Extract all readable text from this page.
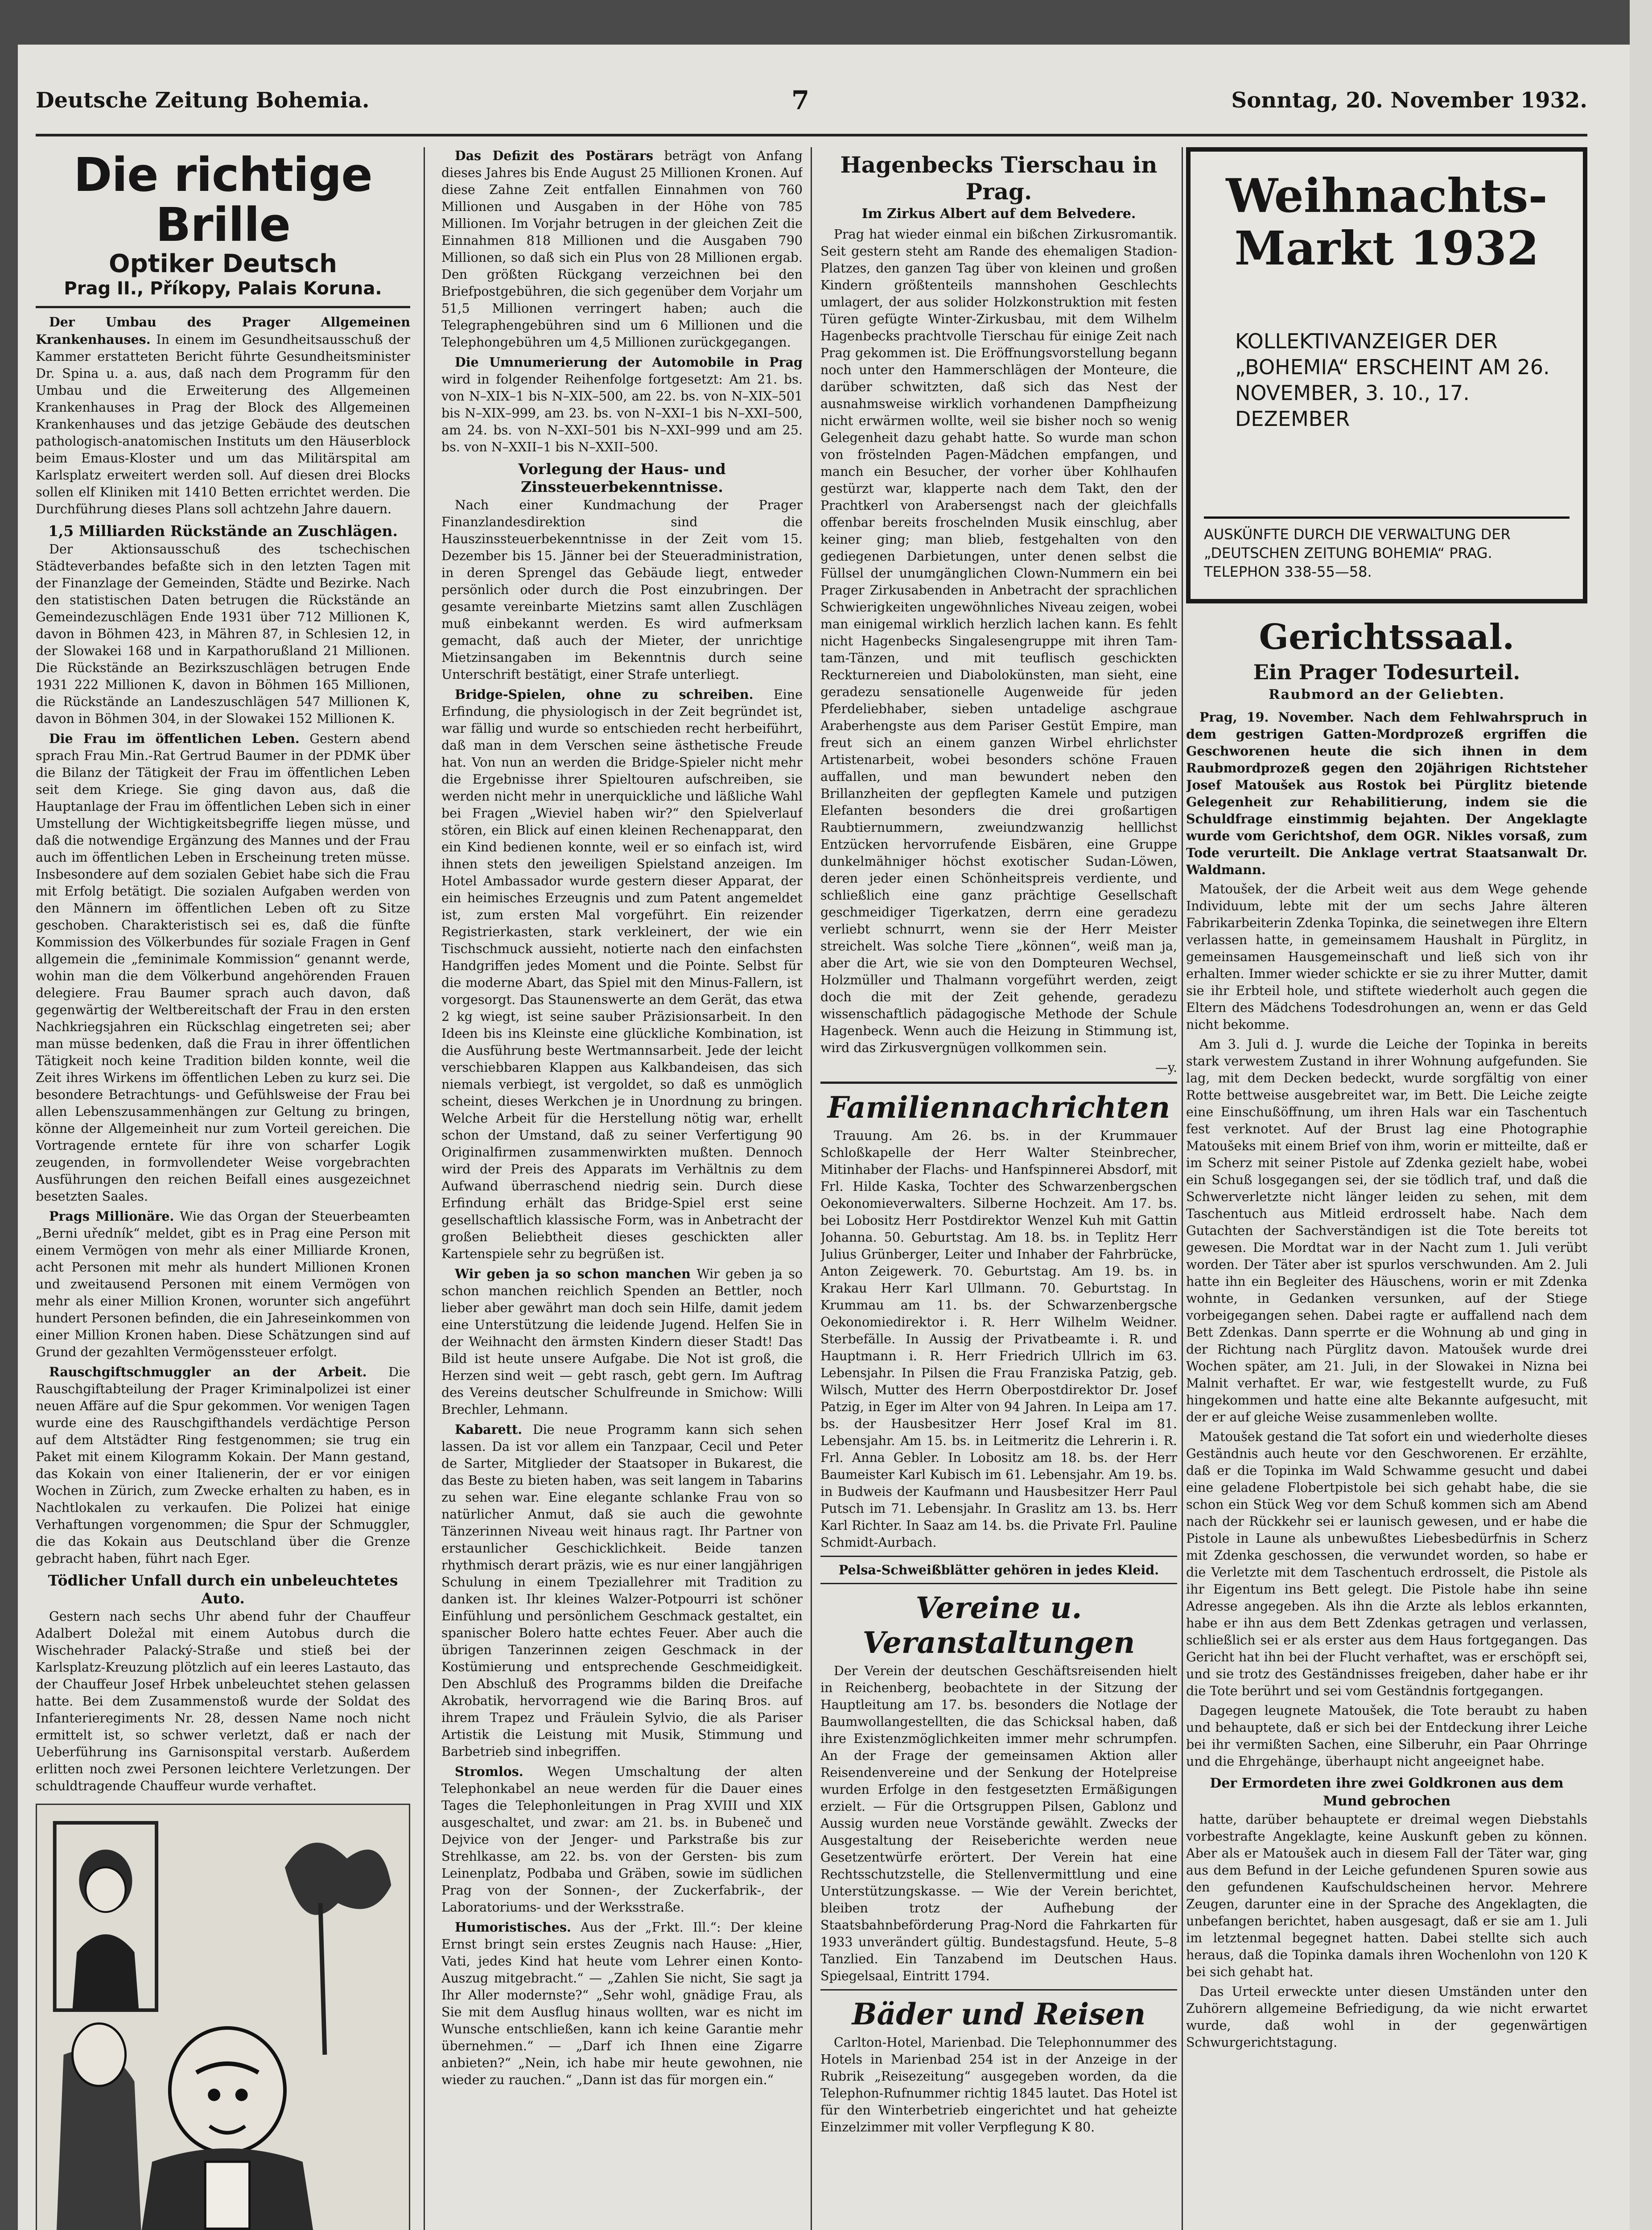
Deutsche Zeitung Bohemia.	7	Sonntag, 20. November 1932.
Die richtige Brille
Optiker Deutsch
Prag II., Příkopy, Palais Koruna.

Der Umbau des Prager Allgemeinen Krankenhauses. In einem im Gesundheitsausschuß der Kammer erstatteten Bericht führte Gesundheitsminister Dr. Spina u. a. aus, daß nach dem Programm für den Umbau und die Erweiterung des Allgemeinen Krankenhauses in Prag der Block des Allgemeinen Krankenhauses und das jetzige Gebäude des deutschen pathologisch-anatomischen Instituts um den Häuserblock beim Emaus-Kloster und um das Militärspital am Karlsplatz erweitert werden soll. Auf diesen drei Blocks sollen elf Kliniken mit 1410 Betten errichtet werden. Die Durchführung dieses Plans soll achtzehn Jahre dauern.

1,5 Milliarden Rückstände an Zuschlägen.

Der Aktionsausschuß des tschechischen Städteverbandes befaßte sich in den letzten Tagen mit der Finanzlage der Gemeinden, Städte und Bezirke. Nach den statistischen Daten betrugen die Rückstände an Gemeindezuschlägen Ende 1931 über 712 Millionen K, davon in Böhmen 423, in Mähren 87, in Schlesien 12, in der Slowakei 168 und in Karpathorußland 21 Millionen. Die Rückstände an Bezirkszuschlägen betrugen Ende 1931 222 Millionen K, davon in Böhmen 165 Millionen, die Rückstände an Landeszuschlägen 547 Millionen K, davon in Böhmen 304, in der Slowakei 152 Millionen K.

Die Frau im öffentlichen Leben. Gestern abend sprach Frau Min.-Rat Gertrud Baumer in der PDMK über die Bilanz der Tätigkeit der Frau im öffentlichen Leben seit dem Kriege. Sie ging davon aus, daß die Hauptanlage der Frau im öffentlichen Leben sich in einer Umstellung der Wichtigkeitsbegriffe liegen müsse, und daß die notwendige Ergänzung des Mannes und der Frau auch im öffentlichen Leben in Erscheinung treten müsse. Insbesondere auf dem sozialen Gebiet habe sich die Frau mit Erfolg betätigt. Die sozialen Aufgaben werden von den Männern im öffentlichen Leben oft zu Sitze geschoben. Charakteristisch sei es, daß die fünfte Kommission des Völkerbundes für soziale Fragen in Genf allgemein die „feminimale Kommission“ genannt werde, wohin man die dem Völkerbund angehörenden Frauen delegiere. Frau Baumer sprach auch davon, daß gegenwärtig der Weltbereitschaft der Frau in den ersten Nachkriegsjahren ein Rückschlag eingetreten sei; aber man müsse bedenken, daß die Frau in ihrer öffentlichen Tätigkeit noch keine Tradition bilden konnte, weil die Zeit ihres Wirkens im öffentlichen Leben zu kurz sei. Die besondere Betrachtungs- und Gefühlsweise der Frau bei allen Lebenszusammenhängen zur Geltung zu bringen, könne der Allgemeinheit nur zum Vorteil gereichen. Die Vortragende erntete für ihre von scharfer Logik zeugenden, in formvollendeter Weise vorgebrachten Ausführungen den reichen Beifall eines ausgezeichnet besetzten Saales.

Prags Millionäre. Wie das Organ der Steuerbeamten „Berni uředník“ meldet, gibt es in Prag eine Person mit einem Vermögen von mehr als einer Milliarde Kronen, acht Personen mit mehr als hundert Millionen Kronen und zweitausend Personen mit einem Vermögen von mehr als einer Million Kronen, worunter sich angeführt hundert Personen befinden, die ein Jahreseinkommen von einer Million Kronen haben. Diese Schätzungen sind auf Grund der gezahlten Vermögenssteuer erfolgt.

Rauschgiftschmuggler an der Arbeit. Die Rauschgiftabteilung der Prager Kriminalpolizei ist einer neuen Affäre auf die Spur gekommen. Vor wenigen Tagen wurde eine des Rauschgifthandels verdächtige Person auf dem Altstädter Ring festgenommen; sie trug ein Paket mit einem Kilogramm Kokain. Der Mann gestand, das Kokain von einer Italienerin, der er vor einigen Wochen in Zürich, zum Zwecke erhalten zu haben, es in Nachtlokalen zu verkaufen. Die Polizei hat einige Verhaftungen vorgenommen; die Spur der Schmuggler, die das Kokain aus Deutschland über die Grenze gebracht haben, führt nach Eger.

Tödlicher Unfall durch ein unbeleuchtetes Auto.

Gestern nach sechs Uhr abend fuhr der Chauffeur Adalbert Doležal mit einem Autobus durch die Wischehrader Palacký-Straße und stieß bei der Karlsplatz-Kreuzung plötzlich auf ein leeres Lastauto, das der Chauffeur Josef Hrbek unbeleuchtet stehen gelassen hatte. Bei dem Zusammenstoß wurde der Soldat des Infanterieregiments Nr. 28, dessen Name noch nicht ermittelt ist, so schwer verletzt, daß er nach der Ueberführung ins Garnisonspital verstarb. Außerdem erlitten noch zwei Personen leichtere Verletzungen. Der schuldtragende Chauffeur wurde verhaftet.

Das Defizit des Postärars beträgt von Anfang dieses Jahres bis Ende August 25 Millionen Kronen. Auf diese Zahne Zeit entfallen Einnahmen von 760 Millionen und Ausgaben in der Höhe von 785 Millionen. Im Vorjahr betrugen in der gleichen Zeit die Einnahmen 818 Millionen und die Ausgaben 790 Millionen, so daß sich ein Plus von 28 Millionen ergab. Den größten Rückgang verzeichnen bei den Briefpostgebühren, die sich gegenüber dem Vorjahr um 51,5 Millionen verringert haben; auch die Telegraphengebühren sind um 6 Millionen und die Telephongebühren um 4,5 Millionen zurückgegangen.

Die Umnumerierung der Automobile in Prag wird in folgender Reihenfolge fortgesetzt: Am 21. bs. von N–XIX–1 bis N–XIX–500, am 22. bs. von N–XIX–501 bis N–XIX–999, am 23. bs. von N–XXI–1 bis N–XXI–500, am 24. bs. von N–XXI–501 bis N–XXI–999 und am 25. bs. von N–XXII–1 bis N–XXII–500.

Vorlegung der Haus- und Zinssteuerbekenntnisse.

Nach einer Kundmachung der Prager Finanzlandesdirektion sind die Hauszinssteuerbekenntnisse in der Zeit vom 15. Dezember bis 15. Jänner bei der Steueradministration, in deren Sprengel das Gebäude liegt, entweder persönlich oder durch die Post einzubringen. Der gesamte vereinbarte Mietzins samt allen Zuschlägen muß einbekannt werden. Es wird aufmerksam gemacht, daß auch der Mieter, der unrichtige Mietzinsangaben im Bekenntnis durch seine Unterschrift bestätigt, einer Strafe unterliegt.

Bridge-Spielen, ohne zu schreiben. Eine Erfindung, die physiologisch in der Zeit begründet ist, war fällig und wurde so entschieden recht herbeiführt, daß man in dem Verschen seine ästhetische Freude hat. Von nun an werden die Bridge-Spieler nicht mehr die Ergebnisse ihrer Spieltouren aufschreiben, sie werden nicht mehr in unerquickliche und läßliche Wahl bei Fragen „Wieviel haben wir?“ den Spielverlauf stören, ein Blick auf einen kleinen Rechenapparat, den ein Kind bedienen konnte, weil er so einfach ist, wird ihnen stets den jeweiligen Spielstand anzeigen. Im Hotel Ambassador wurde gestern dieser Apparat, der ein heimisches Erzeugnis und zum Patent angemeldet ist, zum ersten Mal vorgeführt. Ein reizender Registrierkasten, stark verkleinert, der wie ein Tischschmuck aussieht, notierte nach den einfachsten Handgriffen jedes Moment und die Pointe. Selbst für die moderne Abart, das Spiel mit den Minus-Fallern, ist vorgesorgt. Das Staunenswerte an dem Gerät, das etwa 2 kg wiegt, ist seine sauber Präzisionsarbeit. In den Ideen bis ins Kleinste eine glückliche Kombination, ist die Ausführung beste Wertmannsarbeit. Jede der leicht verschiebbaren Klappen aus Kalkbandeisen, das sich niemals verbiegt, ist vergoldet, so daß es unmöglich scheint, dieses Werkchen je in Unordnung zu bringen. Welche Arbeit für die Herstellung nötig war, erhellt schon der Umstand, daß zu seiner Verfertigung 90 Originalfirmen zusammenwirkten mußten. Dennoch wird der Preis des Apparats im Verhältnis zu dem Aufwand überraschend niedrig sein. Durch diese Erfindung erhält das Bridge-Spiel erst seine gesellschaftlich klassische Form, was in Anbetracht der großen Beliebtheit dieses geschickten aller Kartenspiele sehr zu begrüßen ist.

Wir geben ja so schon manchen Wir geben ja so schon manchen reichlich Spenden an Bettler, noch lieber aber gewährt man doch sein Hilfe, damit jedem eine Unterstützung die leidende Jugend. Helfen Sie in der Weihnacht den ärmsten Kindern dieser Stadt! Das Bild ist heute unsere Aufgabe. Die Not ist groß, die Herzen sind weit — gebt rasch, gebt gern. Im Auftrag des Vereins deutscher Schulfreunde in Smichow: Willi Brechler, Lehmann.

Kabarett. Die neue Programm kann sich sehen lassen. Da ist vor allem ein Tanzpaar, Cecil und Peter de Sarter, Mitglieder der Staatsoper in Bukarest, die das Beste zu bieten haben, was seit langem in Tabarins zu sehen war. Eine elegante schlanke Frau von so natürlicher Anmut, daß sie auch die gewohnte Tänzerinnen Niveau weit hinaus ragt. Ihr Partner von erstaunlicher Geschicklichkeit. Beide tanzen rhythmisch derart präzis, wie es nur einer langjährigen Schulung in einem Tpeziallehrer mit Tradition zu danken ist. Ihr kleines Walzer-Potpourri ist schöner Einfühlung und persönlichem Geschmack gestaltet, ein spanischer Bolero hatte echtes Feuer. Aber auch die übrigen Tanzerinnen zeigen Geschmack in der Kostümierung und entsprechende Geschmeidigkeit. Den Abschluß des Programms bilden die Dreifache Akrobatik, hervorragend wie die Barinq Bros. auf ihrem Trapez und Fräulein Sylvio, die als Pariser Artistik die Leistung mit Musik, Stimmung und Barbetrieb sind inbegriffen.

Stromlos. Wegen Umschaltung der alten Telephonkabel an neue werden für die Dauer eines Tages die Telephonleitungen in Prag XVIII und XIX ausgeschaltet, und zwar: am 21. bs. in Bubeneč und Dejvice von der Jenger- und Parkstraße bis zur Strehlkasse, am 22. bs. von der Gersten- bis zum Leinenplatz, Podbaba und Gräben, sowie im südlichen Prag von der Sonnen-, der Zuckerfabrik-, der Laboratoriums- und der Werksstraße.

Humoristisches. Aus der „Frkt. Ill.“: Der kleine Ernst bringt sein erstes Zeugnis nach Hause: „Hier, Vati, jedes Kind hat heute vom Lehrer einen Konto-Auszug mitgebracht.“ — „Zahlen Sie nicht, Sie sagt ja Ihr Aller modernste?“ „Sehr wohl, gnädige Frau, als Sie mit dem Ausflug hinaus wollten, war es nicht im Wunsche entschließen, kann ich keine Garantie mehr übernehmen.“ — „Darf ich Ihnen eine Zigarre anbieten?“ „Nein, ich habe mir heute gewohnen, nie wieder zu rauchen.“ „Dann ist das für morgen ein.“

Hagenbecks Tierschau in Prag.
Im Zirkus Albert auf dem Belvedere.

Prag hat wieder einmal ein bißchen Zirkusromantik. Seit gestern steht am Rande des ehemaligen Stadion-Platzes, den ganzen Tag über von kleinen und großen Kindern größtenteils mannshohen Geschlechts umlagert, der aus solider Holzkonstruktion mit festen Türen gefügte Winter-Zirkusbau, mit dem Wilhelm Hagenbecks prachtvolle Tierschau für einige Zeit nach Prag gekommen ist. Die Eröffnungsvorstellung begann noch unter den Hammerschlägen der Monteure, die darüber schwitzten, daß sich das Nest der ausnahmsweise wirklich vorhandenen Dampfheizung nicht erwärmen wollte, weil sie bisher noch so wenig Gelegenheit dazu gehabt hatte. So wurde man schon von fröstelnden Pagen-Mädchen empfangen, und manch ein Besucher, der vorher über Kohlhaufen gestürzt war, klapperte nach dem Takt, den der Prachtkerl von Arabersengst nach der gleichfalls offenbar bereits froschelnden Musik einschlug, aber keiner ging; man blieb, festgehalten von den gediegenen Darbietungen, unter denen selbst die Füllsel der unumgänglichen Clown-Nummern ein bei Prager Zirkusabenden in Anbetracht der sprachlichen Schwierigkeiten ungewöhnliches Niveau zeigen, wobei man einigemal wirklich herzlich lachen kann. Es fehlt nicht Hagenbecks Singalesengruppe mit ihren Tam-tam-Tänzen, und mit teuflisch geschickten Reckturnereien und Diabolokünsten, man sieht, eine geradezu sensationelle Augenweide für jeden Pferdeliebhaber, sieben untadelige aschgraue Araberhengste aus dem Pariser Gestüt Empire, man freut sich an einem ganzen Wirbel ehrlichster Artistenarbeit, wobei besonders schöne Frauen auffallen, und man bewundert neben den Brillanzheiten der gepflegten Kamele und putzigen Elefanten besonders die drei großartigen Raubtiernummern, zweiundzwanzig helllichst Entzücken hervorrufende Eisbären, eine Gruppe dunkelmähniger höchst exotischer Sudan-Löwen, deren jeder einen Schönheitspreis verdiente, und schließlich eine ganz prächtige Gesellschaft geschmeidiger Tigerkatzen, derrn eine geradezu verliebt schnurrt, wenn sie der Herr Meister streichelt. Was solche Tiere „können“, weiß man ja, aber die Art, wie sie von den Dompteuren Wechsel, Holzmüller und Thalmann vorgeführt werden, zeigt doch die mit der Zeit gehende, geradezu wissenschaftlich pädagogische Methode der Schule Hagenbeck. Wenn auch die Heizung in Stimmung ist, wird das Zirkusvergnügen vollkommen sein.

—y.
Familiennachrichten

Trauung. Am 26. bs. in der Krummauer Schloßkapelle der Herr Walter Steinbrecher, Mitinhaber der Flachs- und Hanfspinnerei Absdorf, mit Frl. Hilde Kaska, Tochter des Schwarzenbergschen Oekonomieverwalters. Silberne Hochzeit. Am 17. bs. bei Lobositz Herr Postdirektor Wenzel Kuh mit Gattin Johanna. 50. Geburtstag. Am 18. bs. in Teplitz Herr Julius Grünberger, Leiter und Inhaber der Fahrbrücke, Anton Zeigewerk. 70. Geburtstag. Am 19. bs. in Krakau Herr Karl Ullmann. 70. Geburtstag. In Krummau am 11. bs. der Schwarzenbergsche Oekonomiedirektor i. R. Herr Wilhelm Weidner. Sterbefälle. In Aussig der Privatbeamte i. R. und Hauptmann i. R. Herr Friedrich Ullrich im 63. Lebensjahr. In Pilsen die Frau Franziska Patzig, geb. Wilsch, Mutter des Herrn Oberpostdirektor Dr. Josef Patzig, in Eger im Alter von 94 Jahren. In Leipa am 17. bs. der Hausbesitzer Herr Josef Kral im 81. Lebensjahr. Am 15. bs. in Leitmeritz die Lehrerin i. R. Frl. Anna Gebler. In Lobositz am 18. bs. der Herr Baumeister Karl Kubisch im 61. Lebensjahr. Am 19. bs. in Budweis der Kaufmann und Hausbesitzer Herr Paul Putsch im 71. Lebensjahr. In Graslitz am 13. bs. Herr Karl Richter. In Saaz am 14. bs. die Private Frl. Pauline Schmidt-Aurbach.

Pelsa-Schweißblätter gehören in jedes Kleid.
Vereine u. Veranstaltungen

Der Verein der deutschen Geschäftsreisenden hielt in Reichenberg, beobachtete in der Sitzung der Hauptleitung am 17. bs. besonders die Notlage der Baumwollangestellten, die das Schicksal haben, daß ihre Existenzmöglichkeiten immer mehr schrumpfen. An der Frage der gemeinsamen Aktion aller Reisendenvereine und der Senkung der Hotelpreise wurden Erfolge in den festgesetzten Ermäßigungen erzielt. — Für die Ortsgruppen Pilsen, Gablonz und Aussig wurden neue Vorstände gewählt. Zwecks der Ausgestaltung der Reiseberichte werden neue Gesetzentwürfe erörtert. Der Verein hat eine Rechtsschutzstelle, die Stellenvermittlung und eine Unterstützungskasse. — Wie der Verein berichtet, bleiben trotz der Aufhebung der Staatsbahnbeförderung Prag-Nord die Fahrkarten für 1933 unverändert gültig. Bundestagsfund. Heute, 5–8 Tanzlied. Ein Tanzabend im Deutschen Haus. Spiegelsaal, Eintritt 1794.

Bäder und Reisen

Carlton-Hotel, Marienbad. Die Telephonnummer des Hotels in Marienbad 254 ist in der Anzeige in der Rubrik „Reisezeitung“ ausgegeben worden, da die Telephon-Rufnummer richtig 1845 lautet. Das Hotel ist für den Winterbetrieb eingerichtet und hat geheizte Einzelzimmer mit voller Verpflegung K 80.

Weihnachts-
Markt 1932
KOLLEKTIVANZEIGER DER „BOHEMIA“ ERSCHEINT AM 26. NOVEMBER, 3. 10., 17. DEZEMBER
AUSKÜNFTE DURCH DIE VERWALTUNG DER „DEUTSCHEN ZEITUNG BOHEMIA“ PRAG. TELEPHON 338-55—58.
Gerichtssaal.
Ein Prager Todesurteil.
Raubmord an der Geliebten.

Prag, 19. November. Nach dem Fehlwahrspruch in dem gestrigen Gatten-Mordprozeß ergriffen die Geschworenen heute die sich ihnen in dem Raubmordprozeß gegen den 20jährigen Richtsteher Josef Matoušek aus Rostok bei Pürglitz bietende Gelegenheit zur Rehabilitierung, indem sie die Schuldfrage einstimmig bejahten. Der Angeklagte wurde vom Gerichtshof, dem OGR. Nikles vorsaß, zum Tode verurteilt. Die Anklage vertrat Staatsanwalt Dr. Waldmann.

Matoušek, der die Arbeit weit aus dem Wege gehende Individuum, lebte mit der um sechs Jahre älteren Fabrikarbeiterin Zdenka Topinka, die seinetwegen ihre Eltern verlassen hatte, in gemeinsamem Haushalt in Pürglitz, in gemeinsamen Hausgemeinschaft und ließ sich von ihr erhalten. Immer wieder schickte er sie zu ihrer Mutter, damit sie ihr Erbteil hole, und stiftete wiederholt auch gegen die Eltern des Mädchens Todesdrohungen an, wenn er das Geld nicht bekomme.

Am 3. Juli d. J. wurde die Leiche der Topinka in bereits stark verwestem Zustand in ihrer Wohnung aufgefunden. Sie lag, mit dem Decken bedeckt, wurde sorgfältig von einer Rotte bettweise ausgebreitet war, im Bett. Die Leiche zeigte eine Einschußöffnung, um ihren Hals war ein Taschentuch fest verknotet. Auf der Brust lag eine Photographie Matoušeks mit einem Brief von ihm, worin er mitteilte, daß er im Scherz mit seiner Pistole auf Zdenka gezielt habe, wobei ein Schuß losgegangen sei, der sie tödlich traf, und daß die Schwerverletzte nicht länger leiden zu sehen, mit dem Taschentuch aus Mitleid erdrosselt habe. Nach dem Gutachten der Sachverständigen ist die Tote bereits tot gewesen. Die Mordtat war in der Nacht zum 1. Juli verübt worden. Der Täter aber ist spurlos verschwunden. Am 2. Juli hatte ihn ein Begleiter des Häuschens, worin er mit Zdenka wohnte, in Gedanken versunken, auf der Stiege vorbeigegangen sehen. Dabei ragte er auffallend nach dem Bett Zdenkas. Dann sperrte er die Wohnung ab und ging in der Richtung nach Pürglitz davon. Matoušek wurde drei Wochen später, am 21. Juli, in der Slowakei in Nizna bei Malnit verhaftet. Er war, wie festgestellt wurde, zu Fuß hingekommen und hatte eine alte Bekannte aufgesucht, mit der er auf gleiche Weise zusammenleben wollte.

Matoušek gestand die Tat sofort ein und wiederholte dieses Geständnis auch heute vor den Geschworenen. Er erzählte, daß er die Topinka im Wald Schwamme gesucht und dabei eine geladene Flobertpistole bei sich gehabt habe, die sie schon ein Stück Weg vor dem Schuß kommen sich am Abend nach der Rückkehr sei er launisch gewesen, und er habe die Pistole in Laune als unbewußtes Liebesbedürfnis in Scherz mit Zdenka geschossen, die verwundet worden, so habe er die Verletzte mit dem Taschentuch erdrosselt, die Pistole als ihr Eigentum ins Bett gelegt. Die Pistole habe ihn seine Adresse angegeben. Als ihn die Arzte als leblos erkannten, habe er ihn aus dem Bett Zdenkas getragen und verlassen, schließlich sei er als erster aus dem Haus fortgegangen. Das Gericht hat ihn bei der Flucht verhaftet, was er erschöpft sei, und sie trotz des Geständnisses freigeben, daher habe er ihr die Tote berührt und sei vom Geständnis fortgegangen.

Dagegen leugnete Matoušek, die Tote beraubt zu haben und behauptete, daß er sich bei der Entdeckung ihrer Leiche bei ihr vermißten Sachen, eine Silberuhr, ein Paar Ohrringe und die Ehrgehänge, überhaupt nicht angeeignet habe.

Der Ermordeten ihre zwei Goldkronen aus dem Mund gebrochen

hatte, darüber behauptete er dreimal wegen Diebstahls vorbestrafte Angeklagte, keine Auskunft geben zu können. Aber als er Matoušek auch in diesem Fall der Täter war, ging aus dem Befund in der Leiche gefundenen Spuren sowie aus den gefundenen Kaufschuldscheinen hervor. Mehrere Zeugen, darunter eine in der Sprache des Angeklagten, die unbefangen berichtet, haben ausgesagt, daß er sie am 1. Juli im letztenmal begegnet hatten. Dabei stellte sich auch heraus, daß die Topinka damals ihren Wochenlohn von 120 K bei sich gehabt hat.

Das Urteil erweckte unter diesen Umständen unter den Zuhörern allgemeine Befriedigung, da wie nicht erwartet wurde, daß wohl in der gegenwärtigen Schwurgerichtstagung.
